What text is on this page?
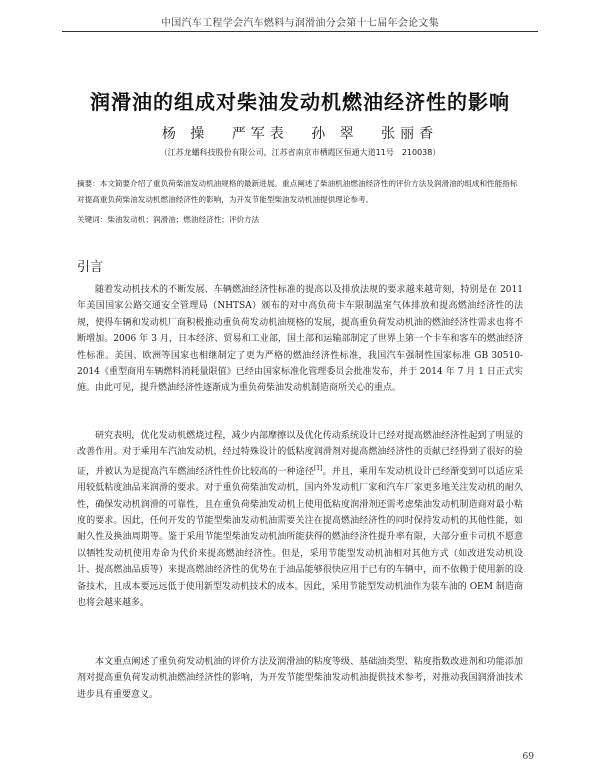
中国汽车工程学会汽车燃料与润滑油分会第十七届年会论文集
润滑油的组成对柴油发动机燃油经济性的影响
杨 操 严军表 孙 翠 张丽香
（江苏龙蟠科技股份有限公司，江苏省南京市栖霞区恒通大道11号　210038）
摘要：本文简要介绍了重负荷柴油发动机油规格的最新进展。重点阐述了柴油机油燃油经济性的评价方法及润滑油的组成和性能指标对提高重负荷柴油发动机燃油经济性的影响，为开发节能型柴油发动机油提供理论参考。
关键词：柴油发动机；润滑油；燃油经济性；评价方法
引言
随着发动机技术的不断发展、车辆燃油经济性标准的提高以及排放法规的要求越来越苛刻，特别是在 2011 年美国国家公路交通安全管理局（NHTSA）颁布的对中高负荷卡车限制温室气体排放和提高燃油经济性的法规，使得车辆和发动机厂商积极推动重负荷发动机油规格的发展，提高重负荷发动机油的燃油经济性需求也将不断增加。2006 年 3 月，日本经济、贸易和工业部，国土部和运输部制定了世界上第一个卡车和客车的燃油经济性标准。美国、欧洲等国家也相继制定了更为严格的燃油经济性标准，我国汽车强制性国家标准 GB 30510-2014《重型商用车辆燃料消耗量限值》已经由国家标准化管理委员会批准发布，并于 2014 年 7 月 1 日正式实施。由此可见，提升燃油经济性逐渐成为重负荷柴油发动机制造商所关心的重点。
研究表明，优化发动机燃烧过程，减少内部摩擦以及优化传动系统设计已经对提高燃油经济性起到了明显的改善作用。对于乘用车汽油发动机，经过特殊设计的低粘度润滑剂对提高燃油经济性的贡献已经得到了很好的验证，并被认为是提高汽车燃油经济性性价比较高的一种途径[1]。并且，乘用车发动机设计已经渐变到可以适应采用较低粘度油品来润滑的要求。对于重负荷柴油发动机，国内外发动机厂家和汽车厂家更多地关注发动机的耐久性，确保发动机润滑的可靠性，且在重负荷柴油发动机上使用低粘度润滑剂还需考虑柴油发动机制造商对最小粘度的要求。因此，任何开发的节能型柴油发动机油需要关注在提高燃油经济性的同时保持发动机的其他性能，如耐久性及换油周期等。鉴于采用节能型柴油发动机油所能获得的燃油经济性提升率有限，大部分重卡司机不愿意以牺牲发动机使用寿命为代价来提高燃油经济性。但是，采用节能型发动机油相对其他方式（如改进发动机设计、提高燃油品质等）来提高燃油经济性的优势在于油品能够很快应用于已有的车辆中，而不依赖于使用新的设备技术，且成本要远远低于使用新型发动机技术的成本。因此，采用节能型发动机油作为装车油的 OEM 制造商也将会越来越多。
本文重点阐述了重负荷发动机油的评价方法及润滑油的粘度等级、基础油类型、粘度指数改进剂和功能添加剂对提高重负荷发动机油燃油经济性的影响，为开发节能型柴油发动机油提供技术参考，对推动我国润滑油技术进步具有重要意义。
69
